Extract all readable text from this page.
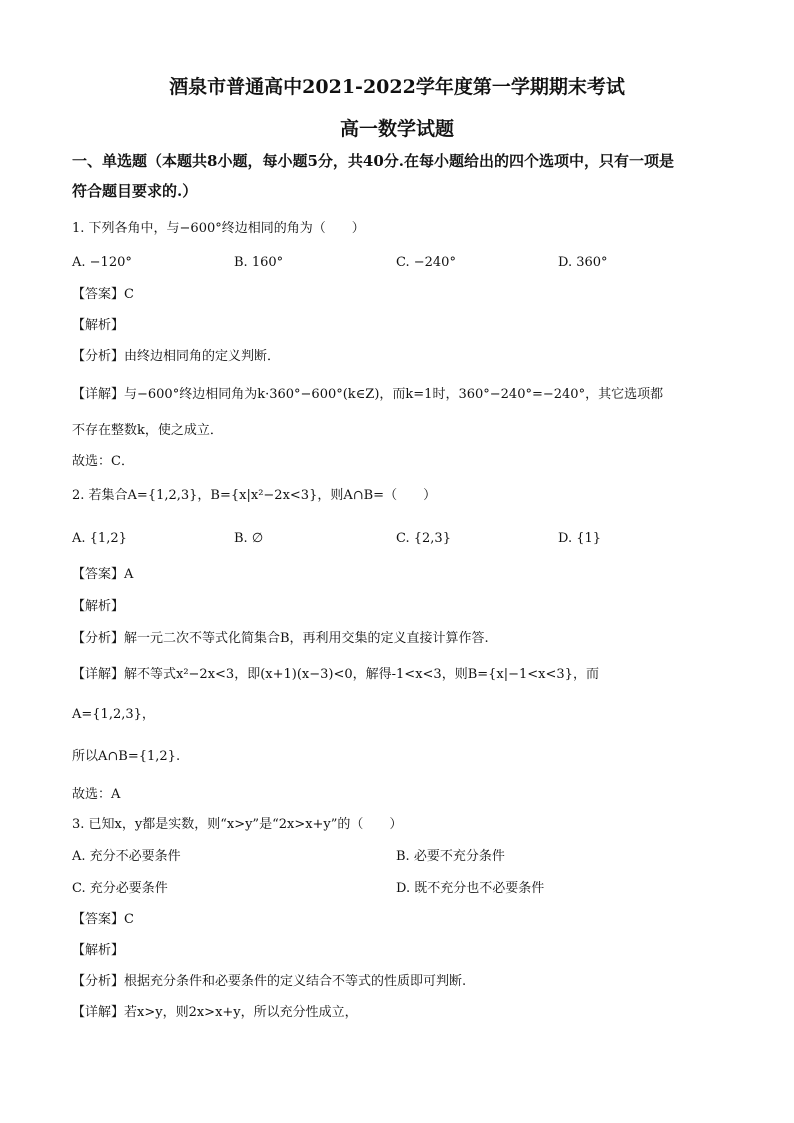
酒泉市普通高中2021-2022学年度第一学期期末考试
高一数学试题
一、单选题（本题共8小题，每小题5分，共40分.在每小题给出的四个选项中，只有一项是
符合题目要求的.）
1. 下列各角中，与−600°终边相同的角为（　　）
A. −120°	B. 160°	C. −240°	D. 360°
【答案】C
【解析】
【分析】由终边相同角的定义判断．
【详解】与−600°终边相同角为k·360°−600°(k∈Z)，而k=1时，360°−240°=−240°，其它选项都
不存在整数k，使之成立．
故选：C．
2. 若集合A={1,2,3}，B={x|x²−2x<3}，则A∩B=（　　）
A. {1,2}	B. ∅	C. {2,3}	D. {1}
【答案】A
【解析】
【分析】解一元二次不等式化简集合B，再利用交集的定义直接计算作答.
【详解】解不等式x²−2x<3，即(x+1)(x−3)<0，解得-1<x<3，则B={x|−1<x<3}，而
A={1,2,3}，
所以A∩B={1,2}.
故选：A
3. 已知x，y都是实数，则“x>y”是“2x>x+y”的（　　）
A. 充分不必要条件	B. 必要不充分条件
C. 充分必要条件	D. 既不充分也不必要条件
【答案】C
【解析】
【分析】根据充分条件和必要条件的定义结合不等式的性质即可判断.
【详解】若x>y，则2x>x+y，所以充分性成立，
